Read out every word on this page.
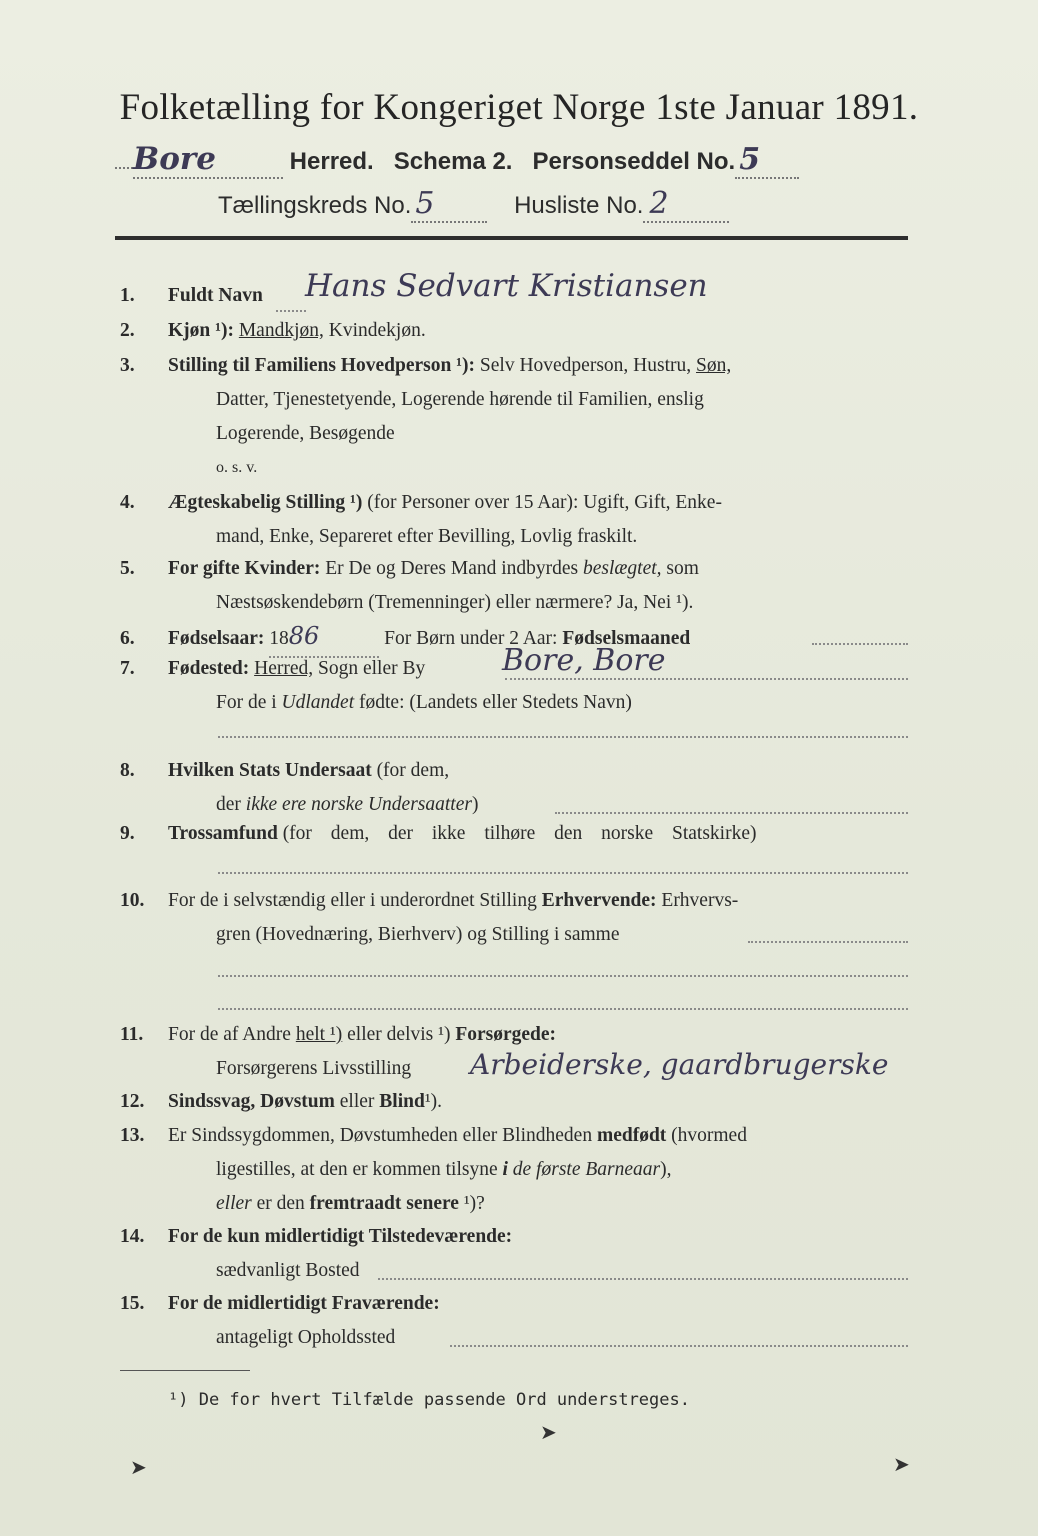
Folketælling for Kongeriget Norge 1ste Januar 1891.
Bore	Herred. Schema 2. Personseddel No. 5
Tællingskreds No. 5	Husliste No. 2
1. Fuldt Navn Hans Sedvart Kristiansen
2. Kjøn ¹): Mandkjøn, Kvindekjøn.
3. Stilling til Familiens Hovedperson ¹): Selv Hovedperson, Hustru, Søn,
Datter, Tjenestetyende, Logerende hørende til Familien, enslig
Logerende, Besøgende
o. s. v.
4. Ægteskabelig Stilling ¹) (for Personer over 15 Aar): Ugift, Gift, Enke-
mand, Enke, Separeret efter Bevilling, Lovlig fraskilt.
5. For gifte Kvinder: Er De og Deres Mand indbyrdes beslægtet, som
Næstsøskendebørn (Tremenninger) eller nærmere? Ja, Nei ¹).
6. Fødselsaar: 1886	For Børn under 2 Aar: Fødselsmaaned
7. Fødested: Herred, Sogn eller By	Bore, Bore
For de i Udlandet fødte: (Landets eller Stedets Navn)
8. Hvilken Stats Undersaat (for dem,
der ikke ere norske Undersaatter)
9. Trossamfund (for dem, der ikke tilhøre den norske Statskirke)
10. For de i selvstændig eller i underordnet Stilling Erhvervende: Erhvervs-
gren (Hovednæring, Bierhverv) og Stilling i samme
11. For de af Andre helt ¹) eller delvis ¹) Forsørgede:
Forsørgerens Livsstilling Arbeiderske, gaardbrugerske
12. Sindssvag, Døvstum eller Blind¹).
13. Er Sindssygdommen, Døvstumheden eller Blindheden medfødt (hvormed
ligestilles, at den er kommen tilsyne i de første Barneaar),
eller er den fremtraadt senere ¹)?
14. For de kun midlertidigt Tilstedeværende:
sædvanligt Bosted
15. For de midlertidigt Fraværende:
antageligt Opholdssted
¹) De for hvert Tilfælde passende Ord understreges.
➤
➤
➤
